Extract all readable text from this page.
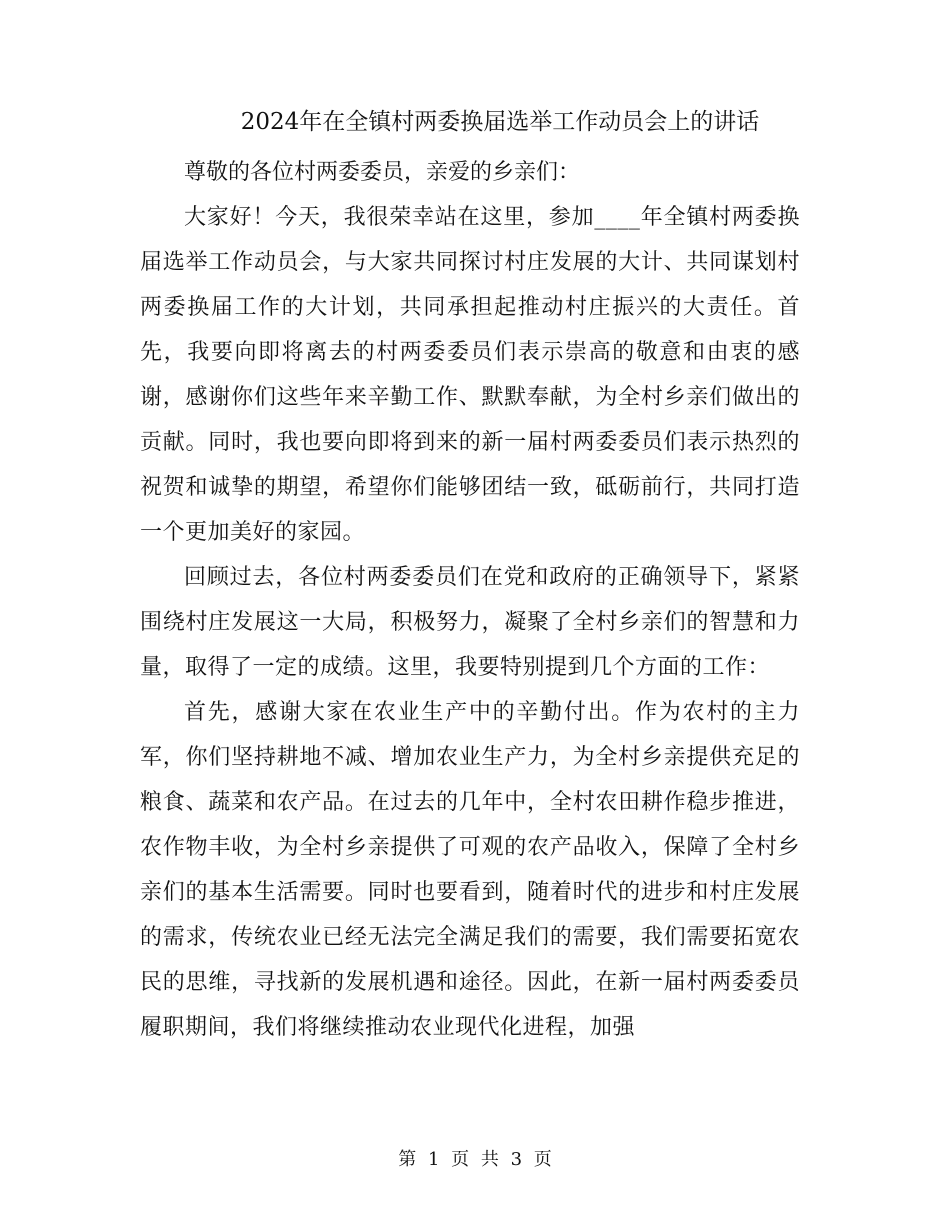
2024年在全镇村两委换届选举工作动员会上的讲话

尊敬的各位村两委委员，亲爱的乡亲们：

大家好！今天，我很荣幸站在这里，参加____年全镇村两委换届选举工作动员会，与大家共同探讨村庄发展的大计、共同谋划村两委换届工作的大计划，共同承担起推动村庄振兴的大责任。首先，我要向即将离去的村两委委员们表示崇高的敬意和由衷的感谢，感谢你们这些年来辛勤工作、默默奉献，为全村乡亲们做出的贡献。同时，我也要向即将到来的新一届村两委委员们表示热烈的祝贺和诚挚的期望，希望你们能够团结一致，砥砺前行，共同打造一个更加美好的家园。

回顾过去，各位村两委委员们在党和政府的正确领导下，紧紧围绕村庄发展这一大局，积极努力，凝聚了全村乡亲们的智慧和力量，取得了一定的成绩。这里，我要特别提到几个方面的工作：

首先，感谢大家在农业生产中的辛勤付出。作为农村的主力军，你们坚持耕地不减、增加农业生产力，为全村乡亲提供充足的粮食、蔬菜和农产品。在过去的几年中，全村农田耕作稳步推进，农作物丰收，为全村乡亲提供了可观的农产品收入，保障了全村乡亲们的基本生活需要。同时也要看到，随着时代的进步和村庄发展的需求，传统农业已经无法完全满足我们的需要，我们需要拓宽农民的思维，寻找新的发展机遇和途径。因此，在新一届村两委委员履职期间，我们将继续推动农业现代化进程，加强

第 1 页 共 3 页
